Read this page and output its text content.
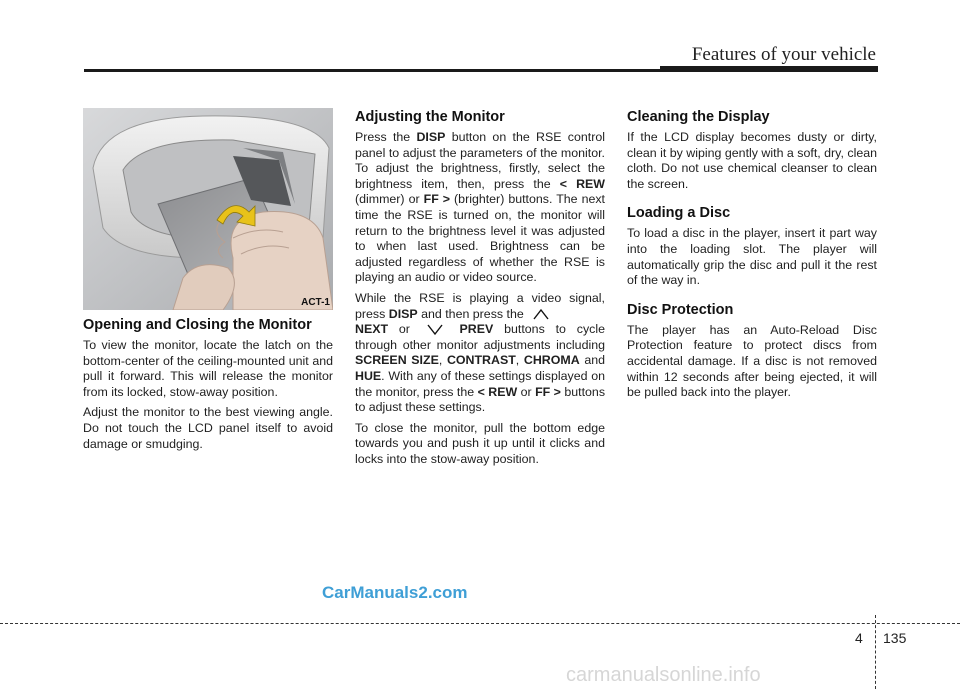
Features of your vehicle
ACT-1
Opening and Closing the Monitor

To view the monitor, locate the latch on the bottom-center of the ceiling-mounted unit and pull it forward. This will release the monitor from its locked, stow-away position.

Adjust the monitor to the best viewing angle. Do not touch the LCD panel itself to avoid damage or smudging.

Adjusting the Monitor

Press the DISP button on the RSE control panel to adjust the parameters of the monitor. To adjust the brightness, firstly, select the brightness item, then, press the < REW (dimmer) or FF > (brighter) buttons. The next time the RSE is turned on, the monitor will return to the brightness level it was adjusted to when last used. Brightness can be adjusted regardless of whether the RSE is playing an audio or video source.

While the RSE is playing a video signal, press DISP and then press the
NEXT or	PREV buttons to cycle through other monitor adjustments including SCREEN SIZE, CONTRAST, CHROMA and HUE. With any of these settings displayed on the monitor, press the < REW or FF > buttons to adjust these settings.

To close the monitor, pull the bottom edge towards you and push it up until it clicks and locks into the stow-away position.

Cleaning the Display

If the LCD display becomes dusty or dirty, clean it by wiping gently with a soft, dry, clean cloth. Do not use chemical cleanser to clean the screen.

Loading a Disc

To load a disc in the player, insert it part way into the loading slot. The player will automatically grip the disc and pull it the rest of the way in.

Disc Protection

The player has an Auto-Reload Disc Protection feature to protect discs from accidental damage. If a disc is not removed within 12 seconds after being ejected, it will be pulled back into the player.

CarManuals2.com
4 135
carmanualsonline.info
